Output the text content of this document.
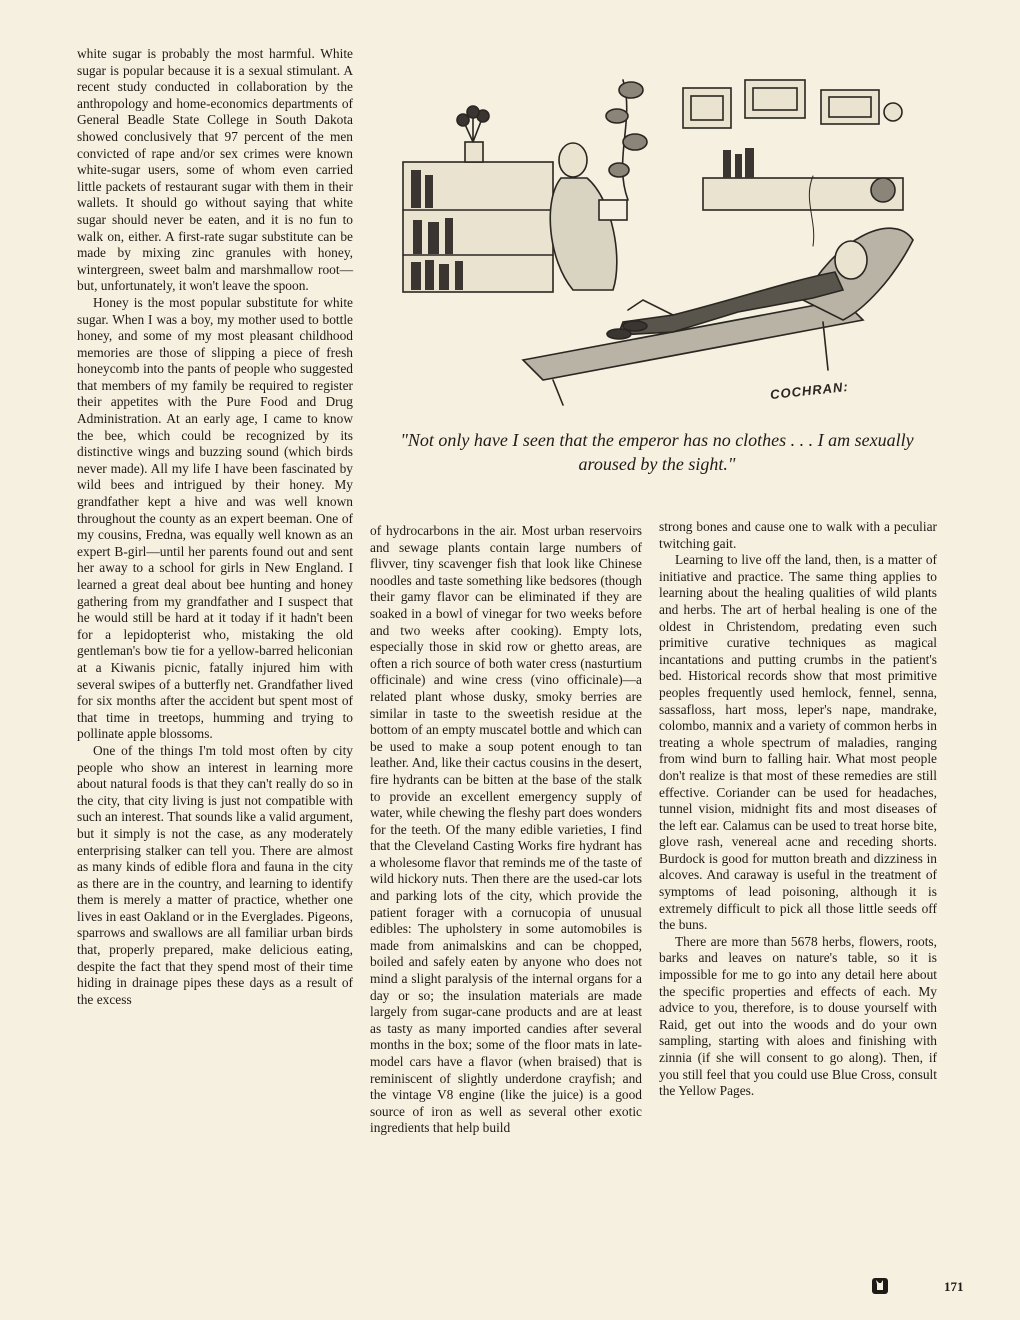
white sugar is probably the most harmful. White sugar is popular because it is a sexual stimulant. A recent study conducted in collaboration by the anthropology and home-economics departments of General Beadle State College in South Dakota showed conclusively that 97 percent of the men convicted of rape and/or sex crimes were known white-sugar users, some of whom even carried little packets of restaurant sugar with them in their wallets. It should go without saying that white sugar should never be eaten, and it is no fun to walk on, either. A first-rate sugar substitute can be made by mixing zinc granules with honey, wintergreen, sweet balm and marshmallow root—but, unfortunately, it won't leave the spoon.

Honey is the most popular substitute for white sugar. When I was a boy, my mother used to bottle honey, and some of my most pleasant childhood memories are those of slipping a piece of fresh honeycomb into the pants of people who suggested that members of my family be required to register their appetites with the Pure Food and Drug Administration. At an early age, I came to know the bee, which could be recognized by its distinctive wings and buzzing sound (which birds never made). All my life I have been fascinated by wild bees and intrigued by their honey. My grandfather kept a hive and was well known throughout the county as an expert beeman. One of my cousins, Fredna, was equally well known as an expert B-girl—until her parents found out and sent her away to a school for girls in New England. I learned a great deal about bee hunting and honey gathering from my grandfather and I suspect that he would still be hard at it today if it hadn't been for a lepidopterist who, mistaking the old gentleman's bow tie for a yellow-barred heliconian at a Kiwanis picnic, fatally injured him with several swipes of a butterfly net. Grandfather lived for six months after the accident but spent most of that time in treetops, humming and trying to pollinate apple blossoms.

One of the things I'm told most often by city people who show an interest in learning more about natural foods is that they can't really do so in the city, that city living is just not compatible with such an interest. That sounds like a valid argument, but it simply is not the case, as any moderately enterprising stalker can tell you. There are almost as many kinds of edible flora and fauna in the city as there are in the country, and learning to identify them is merely a matter of practice, whether one lives in east Oakland or in the Everglades. Pigeons, sparrows and swallows are all familiar urban birds that, properly prepared, make delicious eating, despite the fact that they spend most of their time hiding in drainage pipes these days as a result of the excess

COCHRAN:
"Not only have I seen that the emperor has no clothes . . . I am sexually aroused by the sight."

of hydrocarbons in the air. Most urban reservoirs and sewage plants contain large numbers of flivver, tiny scavenger fish that look like Chinese noodles and taste something like bedsores (though their gamy flavor can be eliminated if they are soaked in a bowl of vinegar for two weeks before and two weeks after cooking). Empty lots, especially those in skid row or ghetto areas, are often a rich source of both water cress (nasturtium officinale) and wine cress (vino officinale)—a related plant whose dusky, smoky berries are similar in taste to the sweetish residue at the bottom of an empty muscatel bottle and which can be used to make a soup potent enough to tan leather. And, like their cactus cousins in the desert, fire hydrants can be bitten at the base of the stalk to provide an excellent emergency supply of water, while chewing the fleshy part does wonders for the teeth. Of the many edible varieties, I find that the Cleveland Casting Works fire hydrant has a wholesome flavor that reminds me of the taste of wild hickory nuts. Then there are the used-car lots and parking lots of the city, which provide the patient forager with a cornucopia of unusual edibles: The upholstery in some automobiles is made from animalskins and can be chopped, boiled and safely eaten by anyone who does not mind a slight paralysis of the internal organs for a day or so; the insulation materials are made largely from sugar-cane products and are at least as tasty as many imported candies after several months in the box; some of the floor mats in late-model cars have a flavor (when braised) that is reminiscent of slightly underdone crayfish; and the vintage V8 engine (like the juice) is a good source of iron as well as several other exotic ingredients that help build

strong bones and cause one to walk with a peculiar twitching gait.

Learning to live off the land, then, is a matter of initiative and practice. The same thing applies to learning about the healing qualities of wild plants and herbs. The art of herbal healing is one of the oldest in Christendom, predating even such primitive curative techniques as magical incantations and putting crumbs in the patient's bed. Historical records show that most primitive peoples frequently used hemlock, fennel, senna, sassafloss, hart moss, leper's nape, mandrake, colombo, mannix and a variety of common herbs in treating a whole spectrum of maladies, ranging from wind burn to falling hair. What most people don't realize is that most of these remedies are still effective. Coriander can be used for headaches, tunnel vision, midnight fits and most diseases of the left ear. Calamus can be used to treat horse bite, glove rash, venereal acne and receding shorts. Burdock is good for mutton breath and dizziness in alcoves. And caraway is useful in the treatment of symptoms of lead poisoning, although it is extremely difficult to pick all those little seeds off the buns.

There are more than 5678 herbs, flowers, roots, barks and leaves on nature's table, so it is impossible for me to go into any detail here about the specific properties and effects of each. My advice to you, therefore, is to douse yourself with Raid, get out into the woods and do your own sampling, starting with aloes and finishing with zinnia (if she will consent to go along). Then, if you still feel that you could use Blue Cross, consult the Yellow Pages.

171
